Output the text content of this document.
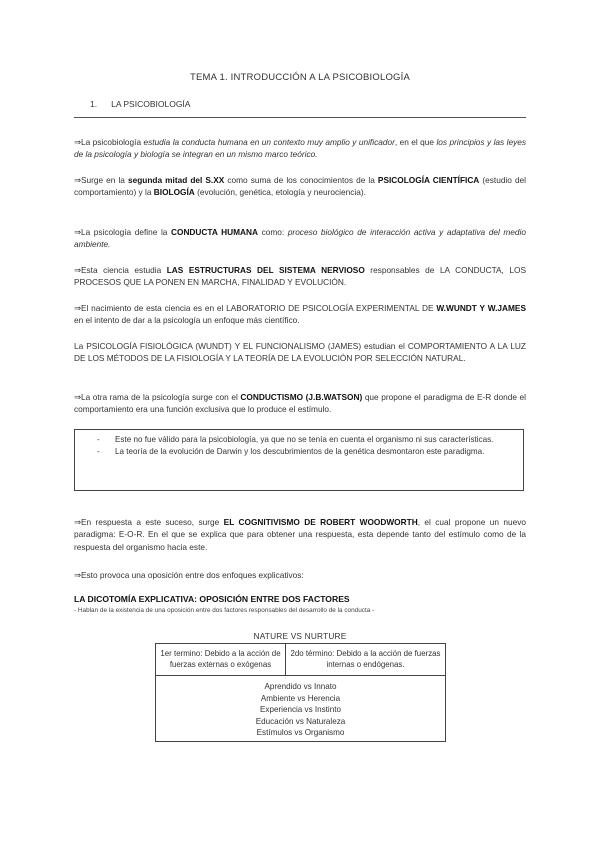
TEMA 1. INTRODUCCIÓN A LA PSICOBIOLOGÍA
1. LA PSICOBIOLOGÍA
⇒La psicobiología estudia la conducta humana en un contexto muy amplio y unificador, en el que los principios y las leyes de la psicología y biología se integran en un mismo marco teórico.
⇒Surge en la segunda mitad del S.XX como suma de los conocimientos de la PSICOLOGÍA CIENTÍFICA (estudio del comportamiento) y la BIOLOGÍA (evolución, genética, etología y neurociencia).
⇒La psicología define la CONDUCTA HUMANA como: proceso biológico de interacción activa y adaptativa del medio ambiente.
⇒Esta ciencia estudia LAS ESTRUCTURAS DEL SISTEMA NERVIOSO responsables de LA CONDUCTA, LOS PROCESOS QUE LA PONEN EN MARCHA, FINALIDAD Y EVOLUCIÓN.
⇒El nacimiento de esta ciencia es en el LABORATORIO DE PSICOLOGÍA EXPERIMENTAL DE W.WUNDT Y W.JAMES en el intento de dar a la psicología un enfoque más científico.
La PSICOLOGÍA FISIOLÓGICA (WUNDT) Y EL FUNCIONALISMO (JAMES) estudian el COMPORTAMIENTO A LA LUZ DE LOS MÉTODOS DE LA FISIOLOGÍA Y LA TEORÍA DE LA EVOLUCIÓN POR SELECCIÓN NATURAL.
⇒La otra rama de la psicología surge con el CONDUCTISMO (J.B.WATSON) que propone el paradigma de E-R donde el comportamiento era una función exclusiva que lo produce el estímulo.
- Este no fue válido para la psicobiología, ya que no se tenía en cuenta el organismo ni sus características.
- La teoría de la evolución de Darwin y los descubrimientos de la genética desmontaron este paradigma.
⇒En respuesta a este suceso, surge EL COGNITIVISMO DE ROBERT WOODWORTH, el cual propone un nuevo paradigma: E-O-R. En el que se explica que para obtener una respuesta, esta depende tanto del estímulo como de la respuesta del organismo hacia este.
⇒Esto provoca una oposición entre dos enfoques explicativos:
LA DICOTOMÍA EXPLICATIVA: OPOSICIÓN ENTRE DOS FACTORES
- Hablan de la existencia de una oposición entre dos factores responsables del desarrollo de la conducta -
NATURE VS NURTURE
1er termino: Debido a la acción de fuerzas externas o exógenas
2do término: Debido a la acción de fuerzas internas o endógenas.
Aprendido vs Innato
Ambiente vs Herencia
Experiencia vs Instinto
Educación vs Naturaleza
Estímulos vs Organismo
